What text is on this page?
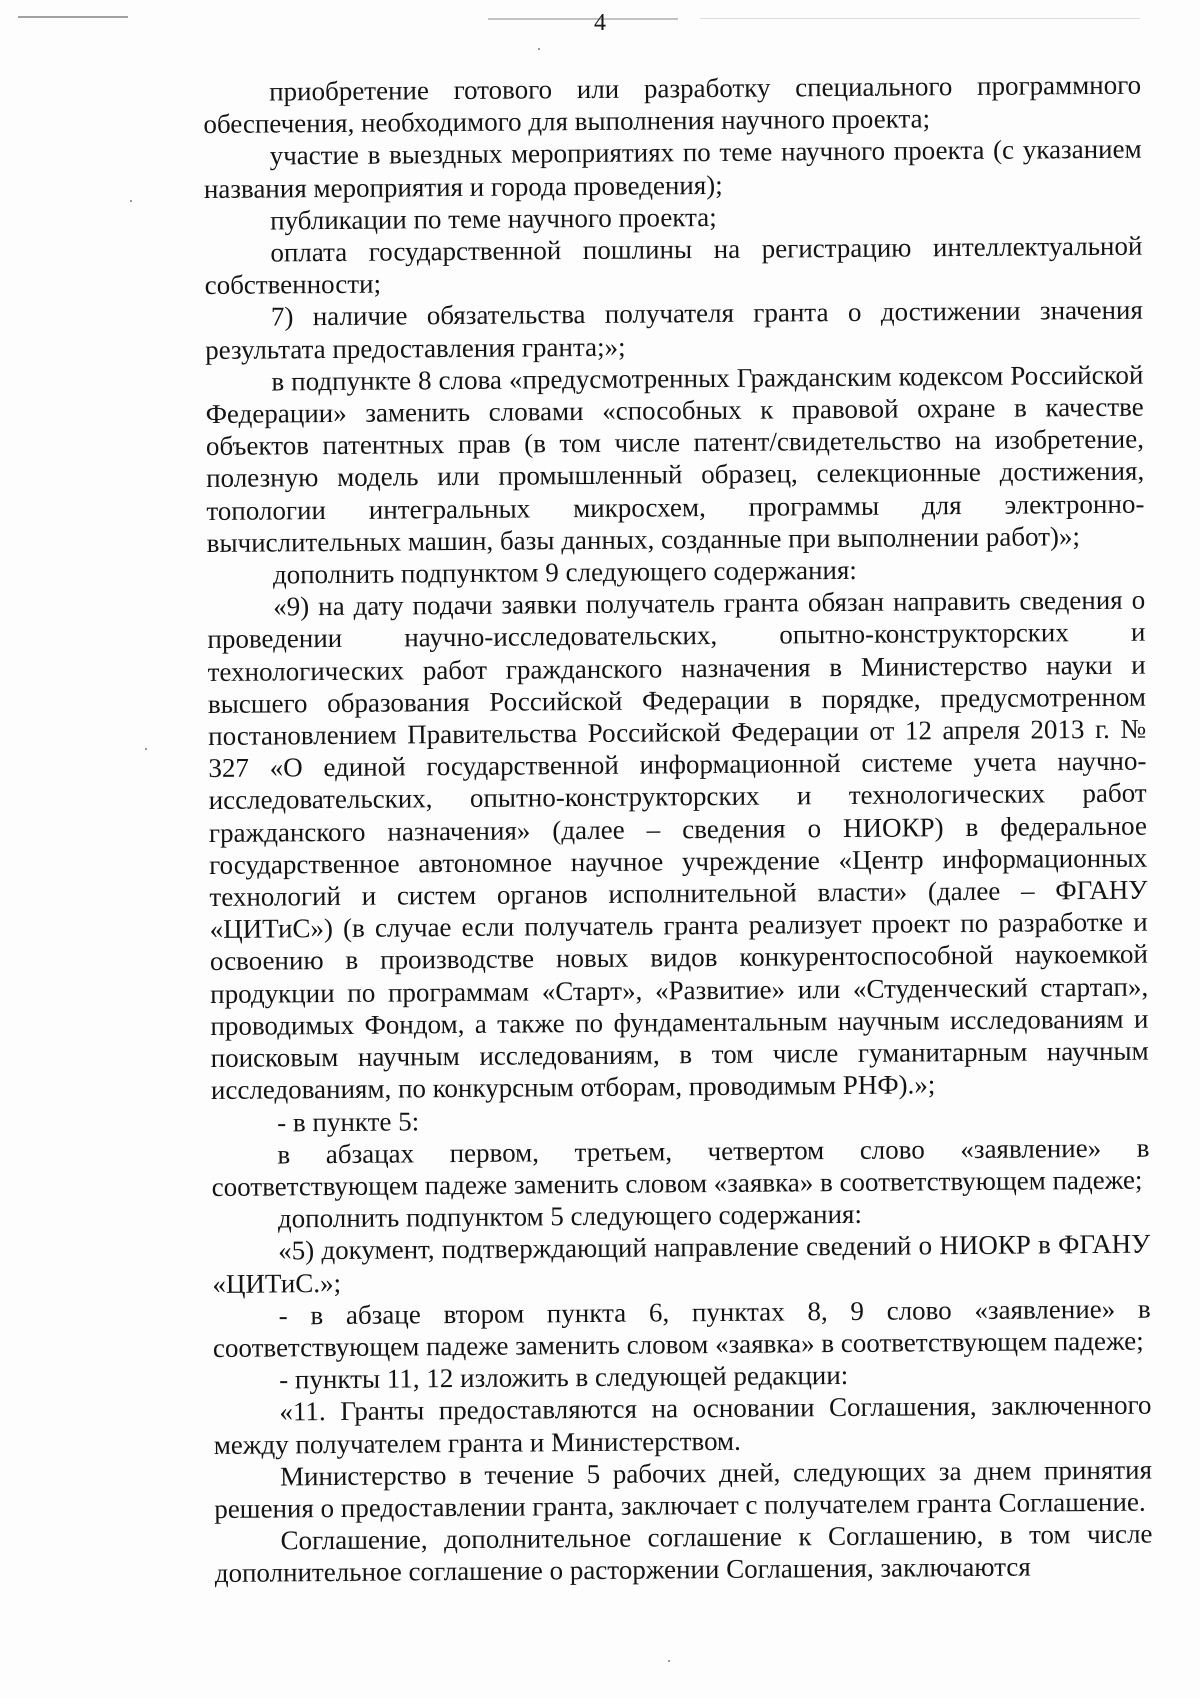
4

приобретение готового или разработку специального программного обеспечения, необходимого для выполнения научного проекта;

участие в выездных мероприятиях по теме научного проекта (с указанием названия мероприятия и города проведения);

публикации по теме научного проекта;

оплата государственной пошлины на регистрацию интеллектуальной собственности;

7) наличие обязательства получателя гранта о достижении значения результата предоставления гранта;»;

в подпункте 8 слова «предусмотренных Гражданским кодексом Российской Федерации» заменить словами «способных к правовой охране в качестве объектов патентных прав (в том числе патент/свидетельство на изобретение, полезную модель или промышленный образец, селекционные достижения, топологии интегральных микросхем, программы для электронно-вычислительных машин, базы данных, созданные при выполнении работ)»;

дополнить подпунктом 9 следующего содержания:

«9) на дату подачи заявки получатель гранта обязан направить сведения о проведении научно-исследовательских, опытно-конструкторских и технологических работ гражданского назначения в Министерство науки и высшего образования Российской Федерации в порядке, предусмотренном постановлением Правительства Российской Федерации от 12 апреля 2013 г. № 327 «О единой государственной информационной системе учета научно-исследовательских, опытно-конструкторских и технологических работ гражданского назначения» (далее – сведения о НИОКР) в федеральное государственное автономное научное учреждение «Центр информационных технологий и систем органов исполнительной власти» (далее – ФГАНУ «ЦИТиС») (в случае если получатель гранта реализует проект по разработке и освоению в производстве новых видов конкурентоспособной наукоемкой продукции по программам «Старт», «Развитие» или «Студенческий стартап», проводимых Фондом, а также по фундаментальным научным исследованиям и поисковым научным исследованиям, в том числе гуманитарным научным исследованиям, по конкурсным отборам, проводимым РНФ).»;

- в пункте 5:

в абзацах первом, третьем, четвертом слово «заявление» в соответствующем падеже заменить словом «заявка» в соответствующем падеже;

дополнить подпунктом 5 следующего содержания:

«5) документ, подтверждающий направление сведений о НИОКР в ФГАНУ «ЦИТиС.»;

- в абзаце втором пункта 6, пунктах 8, 9 слово «заявление» в соответствующем падеже заменить словом «заявка» в соответствующем падеже;

- пункты 11, 12 изложить в следующей редакции:

«11. Гранты предоставляются на основании Соглашения, заключенного между получателем гранта и Министерством.

Министерство в течение 5 рабочих дней, следующих за днем принятия решения о предоставлении гранта, заключает с получателем гранта Соглашение.

Соглашение, дополнительное соглашение к Соглашению, в том числе дополнительное соглашение о расторжении Соглашения, заключаются
